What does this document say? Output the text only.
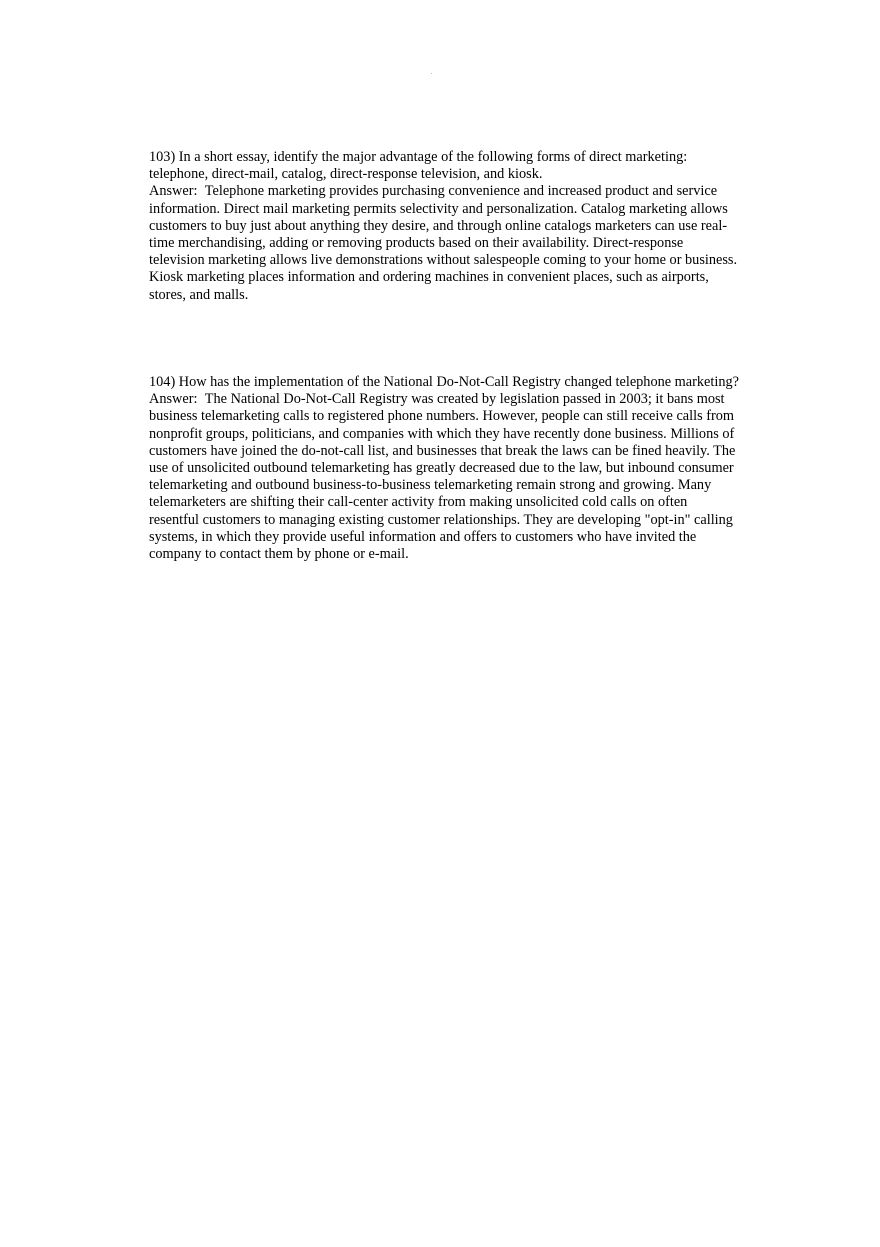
103) In a short essay, identify the major advantage of the following forms of direct marketing: telephone, direct-mail, catalog, direct-response television, and kiosk.

Answer: Telephone marketing provides purchasing convenience and increased product and service information. Direct mail marketing permits selectivity and personalization. Catalog marketing allows customers to buy just about anything they desire, and through online catalogs marketers can use real-time merchandising, adding or removing products based on their availability. Direct-response television marketing allows live demonstrations without salespeople coming to your home or business. Kiosk marketing places information and ordering machines in convenient places, such as airports, stores, and malls.

104) How has the implementation of the National Do-Not-Call Registry changed telephone marketing?

Answer: The National Do-Not-Call Registry was created by legislation passed in 2003; it bans most business telemarketing calls to registered phone numbers. However, people can still receive calls from nonprofit groups, politicians, and companies with which they have recently done business. Millions of customers have joined the do-not-call list, and businesses that break the laws can be fined heavily. The use of unsolicited outbound telemarketing has greatly decreased due to the law, but inbound consumer telemarketing and outbound business-to-business telemarketing remain strong and growing. Many telemarketers are shifting their call-center activity from making unsolicited cold calls on often resentful customers to managing existing customer relationships. They are developing "opt-in" calling systems, in which they provide useful information and offers to customers who have invited the company to contact them by phone or e-mail.
